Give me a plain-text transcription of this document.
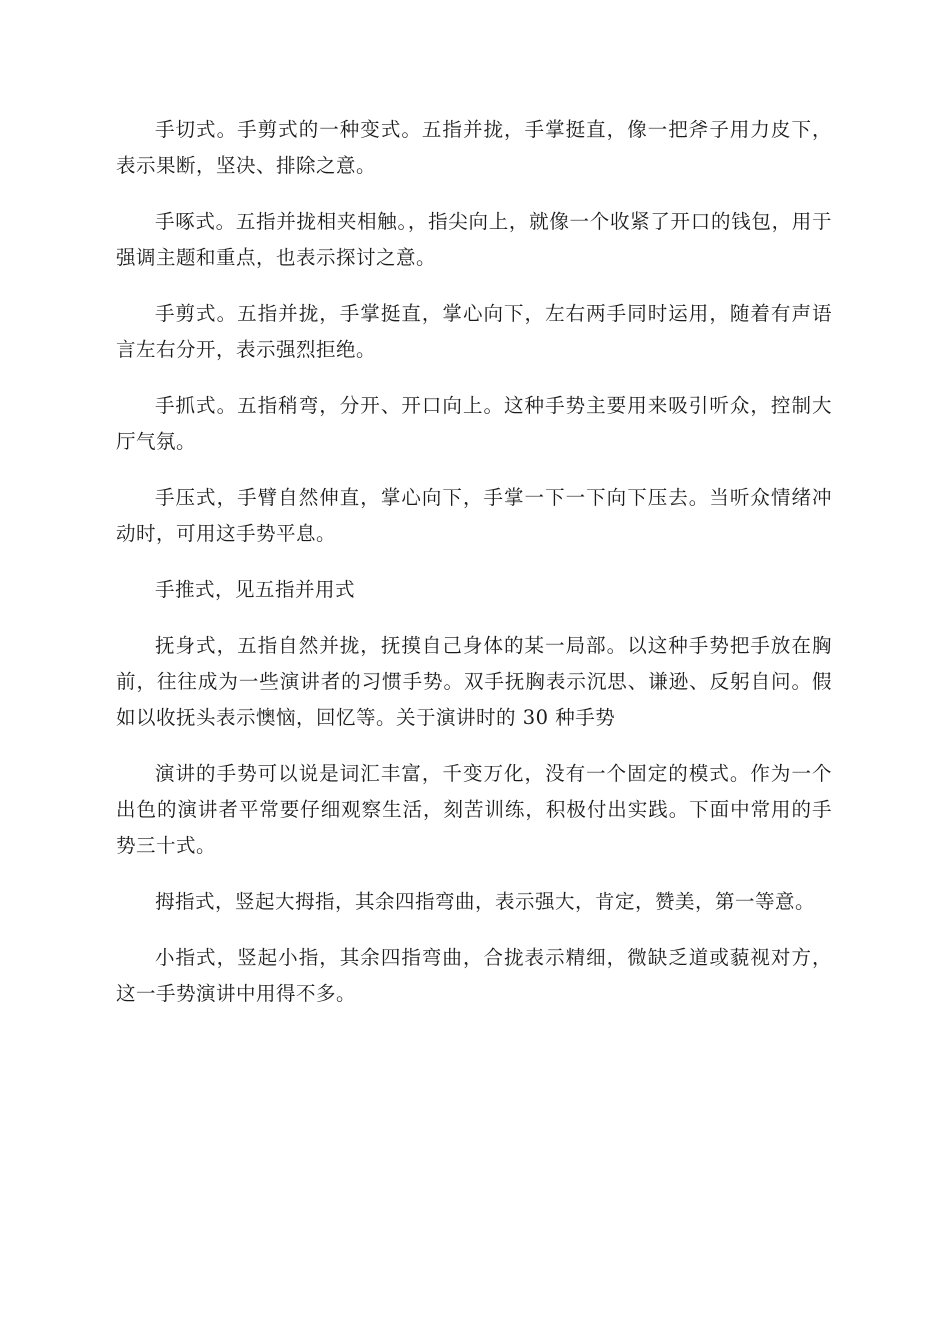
手切式。手剪式的一种变式。五指并拢，手掌挺直，像一把斧子用力皮下，表示果断，坚决、排除之意。

手啄式。五指并拢相夹相触。，指尖向上，就像一个收紧了开口的钱包，用于强调主题和重点，也表示探讨之意。

手剪式。五指并拢，手掌挺直，掌心向下，左右两手同时运用，随着有声语言左右分开，表示强烈拒绝。

手抓式。五指稍弯，分开、开口向上。这种手势主要用来吸引听众，控制大厅气氛。

手压式，手臂自然伸直，掌心向下，手掌一下一下向下压去。当听众情绪冲动时，可用这手势平息。

手推式，见五指并用式

抚身式，五指自然并拢，抚摸自己身体的某一局部。以这种手势把手放在胸前，往往成为一些演讲者的习惯手势。双手抚胸表示沉思、谦逊、反躬自问。假如以收抚头表示懊恼，回忆等。关于演讲时的 30 种手势

演讲的手势可以说是词汇丰富，千变万化，没有一个固定的模式。作为一个出色的演讲者平常要仔细观察生活，刻苦训练，积极付出实践。下面中常用的手势三十式。

拇指式，竖起大拇指，其余四指弯曲，表示强大，肯定，赞美，第一等意。

小指式，竖起小指，其余四指弯曲，合拢表示精细，微缺乏道或藐视对方，这一手势演讲中用得不多。
